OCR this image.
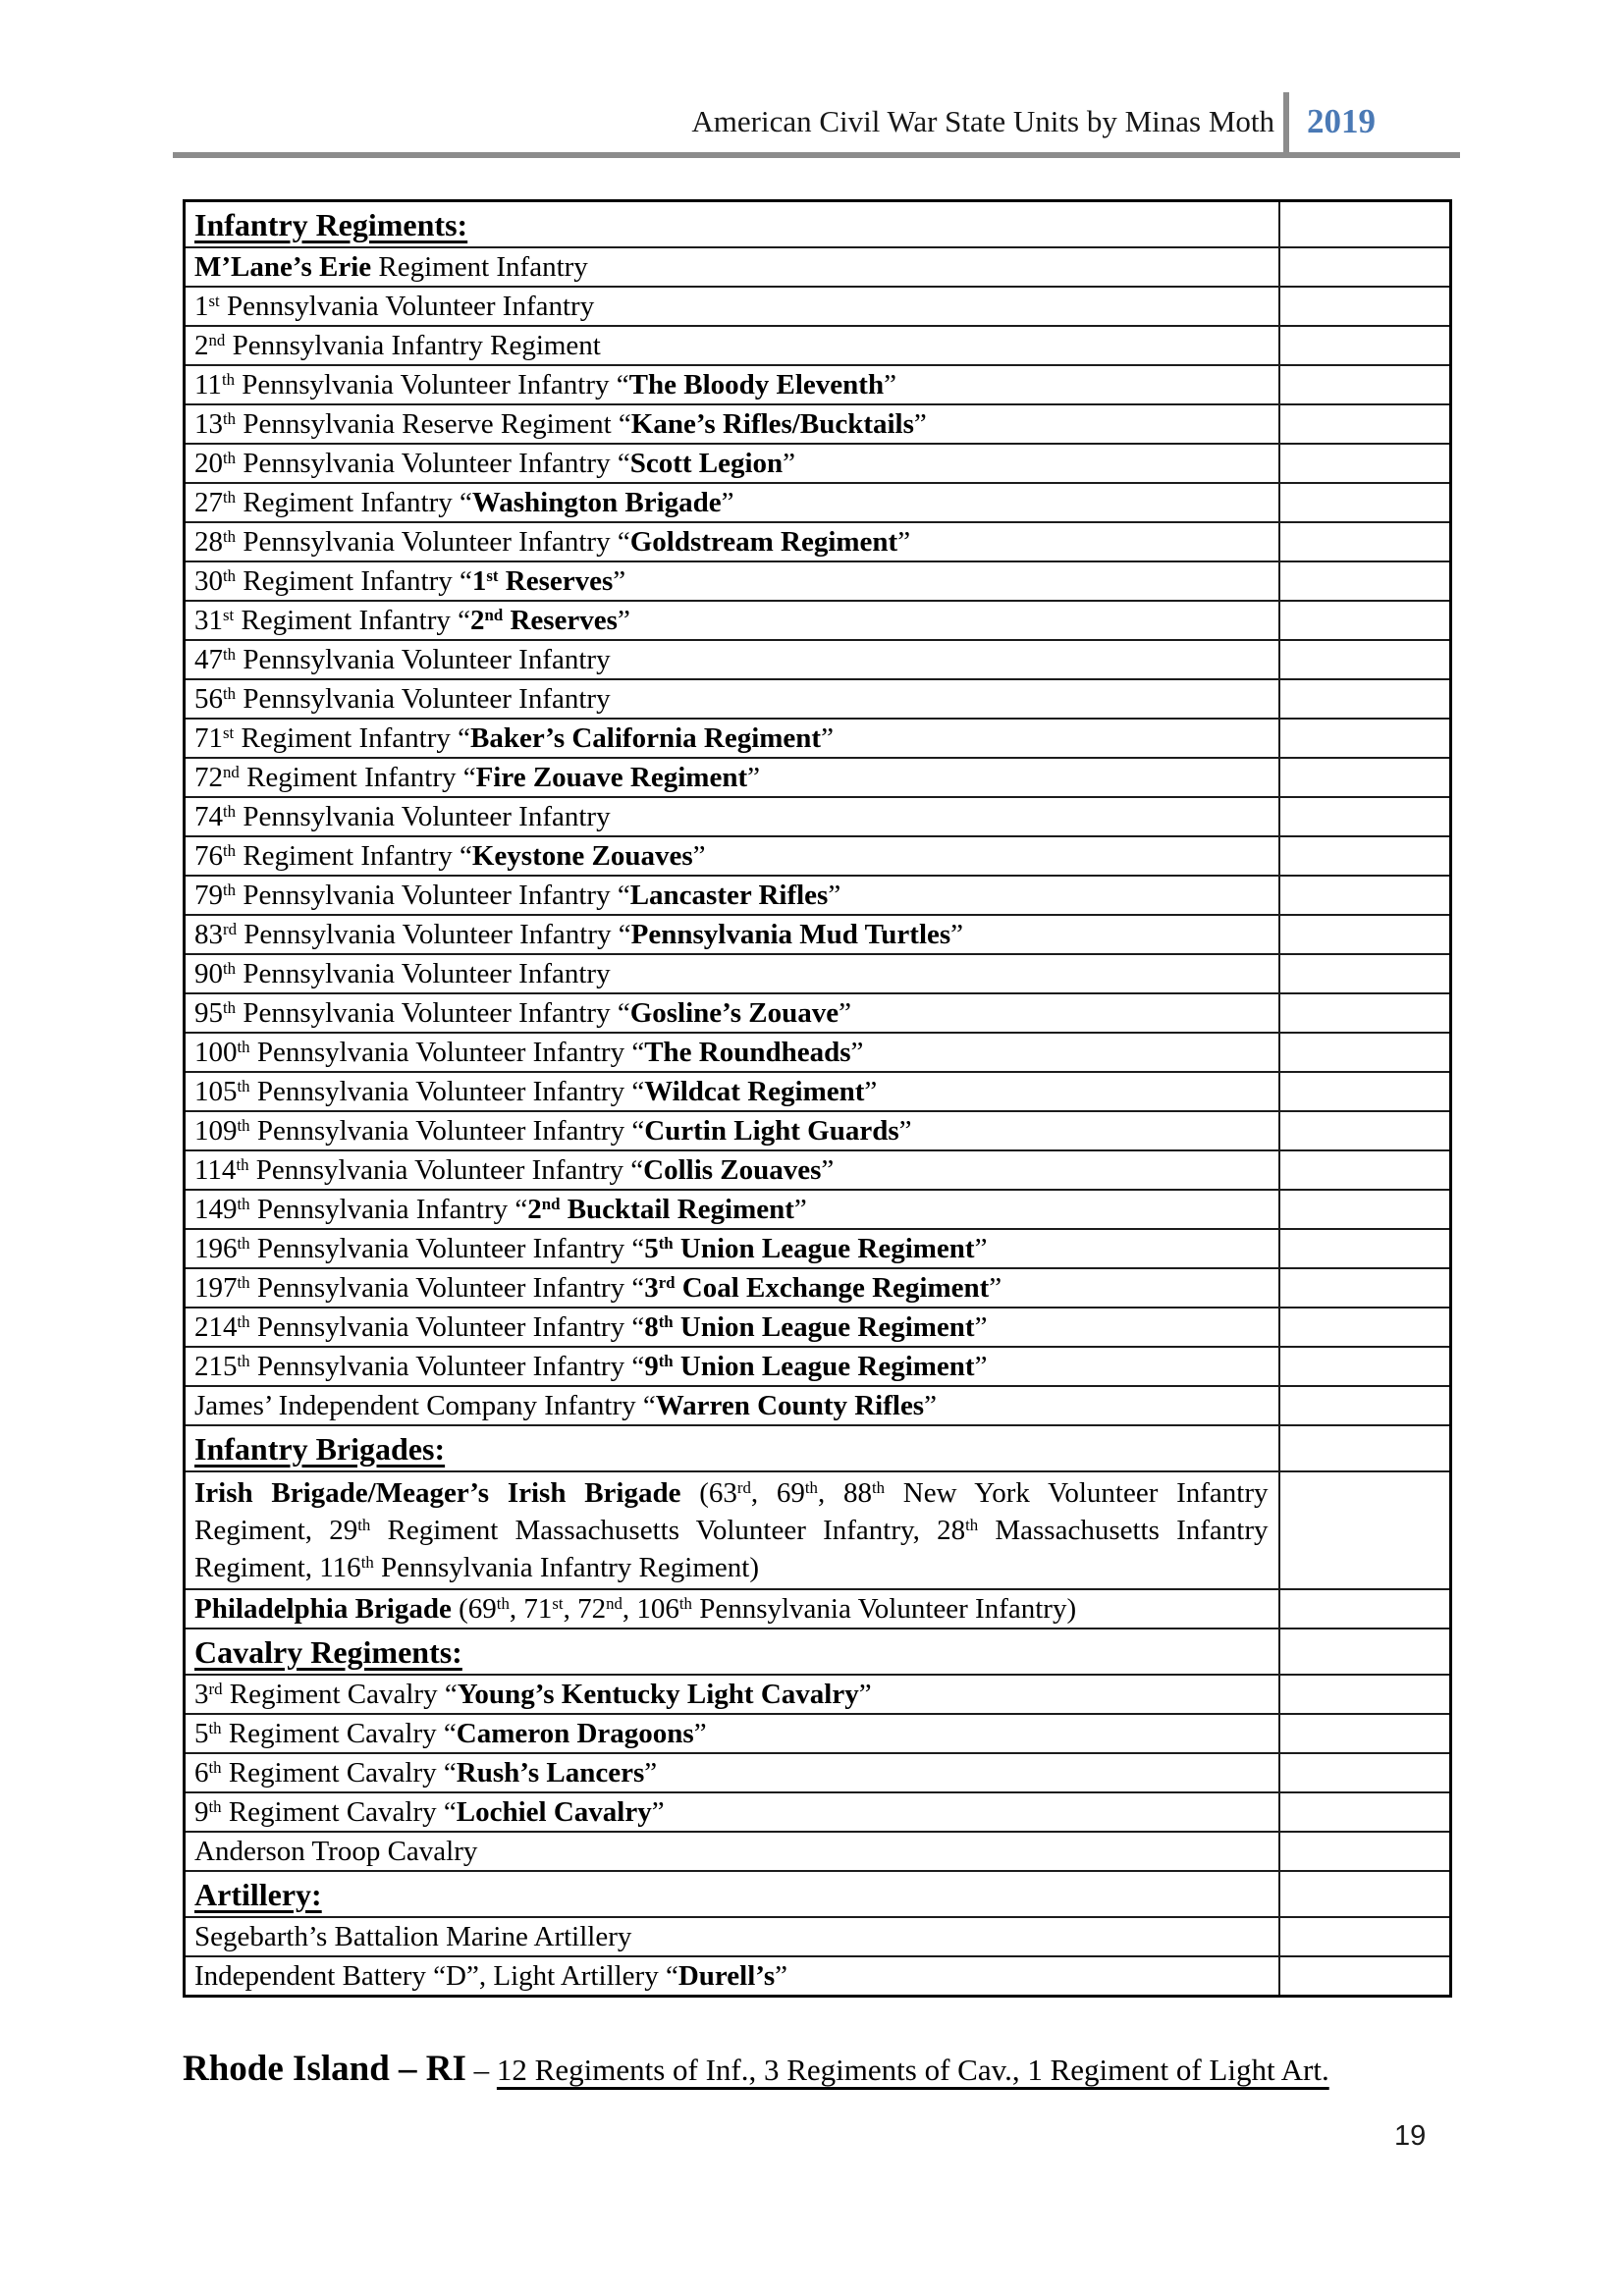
American Civil War State Units by Minas Moth 2019
Infantry Regiments:	
M’Lane’s Erie Regiment Infantry	
1st Pennsylvania Volunteer Infantry	
2nd Pennsylvania Infantry Regiment	
11th Pennsylvania Volunteer Infantry “The Bloody Eleventh”	
13th Pennsylvania Reserve Regiment “Kane’s Rifles/Bucktails”	
20th Pennsylvania Volunteer Infantry “Scott Legion”	
27th Regiment Infantry “Washington Brigade”	
28th Pennsylvania Volunteer Infantry “Goldstream Regiment”	
30th Regiment Infantry “1st Reserves”	
31st Regiment Infantry “2nd Reserves”	
47th Pennsylvania Volunteer Infantry	
56th Pennsylvania Volunteer Infantry	
71st Regiment Infantry “Baker’s California Regiment”	
72nd Regiment Infantry “Fire Zouave Regiment”	
74th Pennsylvania Volunteer Infantry	
76th Regiment Infantry “Keystone Zouaves”	
79th Pennsylvania Volunteer Infantry “Lancaster Rifles”	
83rd Pennsylvania Volunteer Infantry “Pennsylvania Mud Turtles”	
90th Pennsylvania Volunteer Infantry	
95th Pennsylvania Volunteer Infantry “Gosline’s Zouave”	
100th Pennsylvania Volunteer Infantry “The Roundheads”	
105th Pennsylvania Volunteer Infantry “Wildcat Regiment”	
109th Pennsylvania Volunteer Infantry “Curtin Light Guards”	
114th Pennsylvania Volunteer Infantry “Collis Zouaves”	
149th Pennsylvania Infantry “2nd Bucktail Regiment”	
196th Pennsylvania Volunteer Infantry “5th Union League Regiment”	
197th Pennsylvania Volunteer Infantry “3rd Coal Exchange Regiment”	
214th Pennsylvania Volunteer Infantry “8th Union League Regiment”	
215th Pennsylvania Volunteer Infantry “9th Union League Regiment”	
James’ Independent Company Infantry “Warren County Rifles”	
Infantry Brigades:	
Irish Brigade/Meager’s Irish Brigade (63rd, 69th, 88th New York Volunteer Infantry Regiment, 29th Regiment Massachusetts Volunteer Infantry, 28th Massachusetts Infantry Regiment, 116th Pennsylvania Infantry Regiment)	
Philadelphia Brigade (69th, 71st, 72nd, 106th Pennsylvania Volunteer Infantry)	
Cavalry Regiments:	
3rd Regiment Cavalry “Young’s Kentucky Light Cavalry”	
5th Regiment Cavalry “Cameron Dragoons”	
6th Regiment Cavalry “Rush’s Lancers”	
9th Regiment Cavalry “Lochiel Cavalry”	
Anderson Troop Cavalry	
Artillery:	
Segebarth’s Battalion Marine Artillery	
Independent Battery “D”, Light Artillery “Durell’s”	
Rhode Island – RI – 12 Regiments of Inf., 3 Regiments of Cav., 1 Regiment of Light Art.
19
